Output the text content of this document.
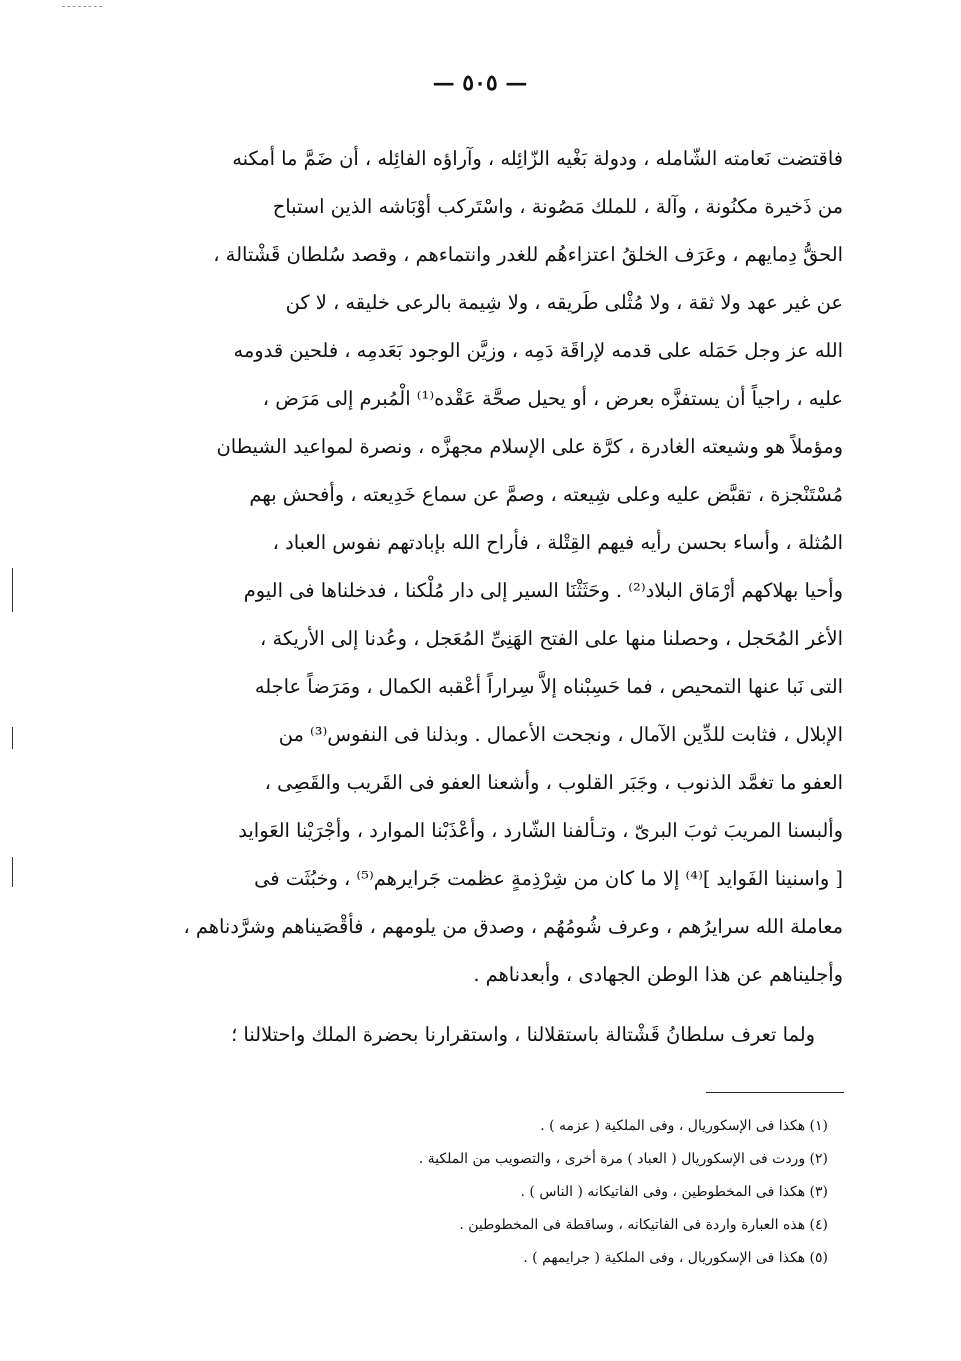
— ٥٠٥ —
فاقتضت نَعامته الشّامله ، ودولة بَغْيه الزّائِله ، وآراؤه الفائِله ، أن ضَمَّ ما أمكنه
من ذَخيرة مكنُونة ، وآلة ، للملك مَصُونة ، واسْتَركب أوْبَاشه الذين استباح
الحقُّ دِمايهم ، وعَرَف الخلقُ اعتزاءهُم للغدر وانتماءهم ، وقصد سُلطان قَشْتالة ،
عن غير عهد ولا ثقة ، ولا مُثْلى طَريقه ، ولا شِيمة بالرعى خليقه ، لا كن
الله عز وجل حَمَله على قدمه لإراقَة دَمِه ، وزيَّن الوجود بَعَدمِه ، فلحين قدومه
عليه ، راجياً أن يستفزَّه بعرض ، أو يحيل صحَّة عَقْده⁽¹⁾ الْمُبرم إلى مَرَض ،
ومؤملاً هو وشيعته الغادرة ، كرَّة على الإسلام مجهزَّه ، ونصرة لمواعيد الشيطان
مُسْتَنْجزة ، تقبَّض عليه وعلى شِيعته ، وصمَّ عن سماع خَدِيعته ، وأفحش بهم
المُثلة ، وأساء بحسن رأيه فيهم القِتْلة ، فأراح الله بإبادتهم نفوس العباد ،
وأحيا بهلاكهم أرْمَاق البلاد⁽²⁾ . وحَثَثْنَا السير إلى دار مُلْكنا ، فدخلناها فى اليوم
الأغر المُحَجل ، وحصلنا منها على الفتح الهَنِىِّ المُعَجل ، وعُدنا إلى الأريكة ،
التى نَبا عنها التمحيص ، فما حَسِبْناه إلاَّ سِراراً أعْقبه الكمال ، ومَرَضاً عاجله
الإبلال ، فثابت للدِّين الآمال ، ونجحت الأعمال . وبذلنا فى النفوس⁽³⁾ من
العفو ما تغمَّد الذنوب ، وجَبَر القلوب ، وأشعنا العفو فى القَريب والقَصِى ،
وألبسنا المريبَ ثوبَ البرىّ ، وتـألفنا الشّارد ، وأعْذَبْنا الموارد ، وأجْرَيْنا العَوايد
[ واسنينا الفَوايد ]⁽⁴⁾ إلا ما كان من شِرْذِمةٍ عظمت جَرايرهم⁽⁵⁾ ، وخبُثَت فى
معاملة الله سرايرُهم ، وعرف شُومُهُم ، وصدق من يلومهم ، فأقْصَيناهم وشرَّدناهم ،
وأجليناهم عن هذا الوطن الجهادى ، وأبعدناهم .
ولما تعرف سلطانُ قَشْتالة باستقلالنا ، واستقرارنا بحضرة الملك واحتلالنا ؛
(١) هكذا فى الإسكوريال ، وفى الملكية ( عزمه ) .
(٢) وردت فى الإسكوريال ( العباد ) مرة أخرى ، والتصويب من الملكية .
(٣) هكذا فى المخطوطين ، وفى الفاتيكانه ( الناس ) .
(٤) هذه العبارة واردة فى الفاتيكانه ، وساقطة فى المخطوطين .
(٥) هكذا فى الإسكوريال ، وفى الملكية ( جرايمهم ) .
